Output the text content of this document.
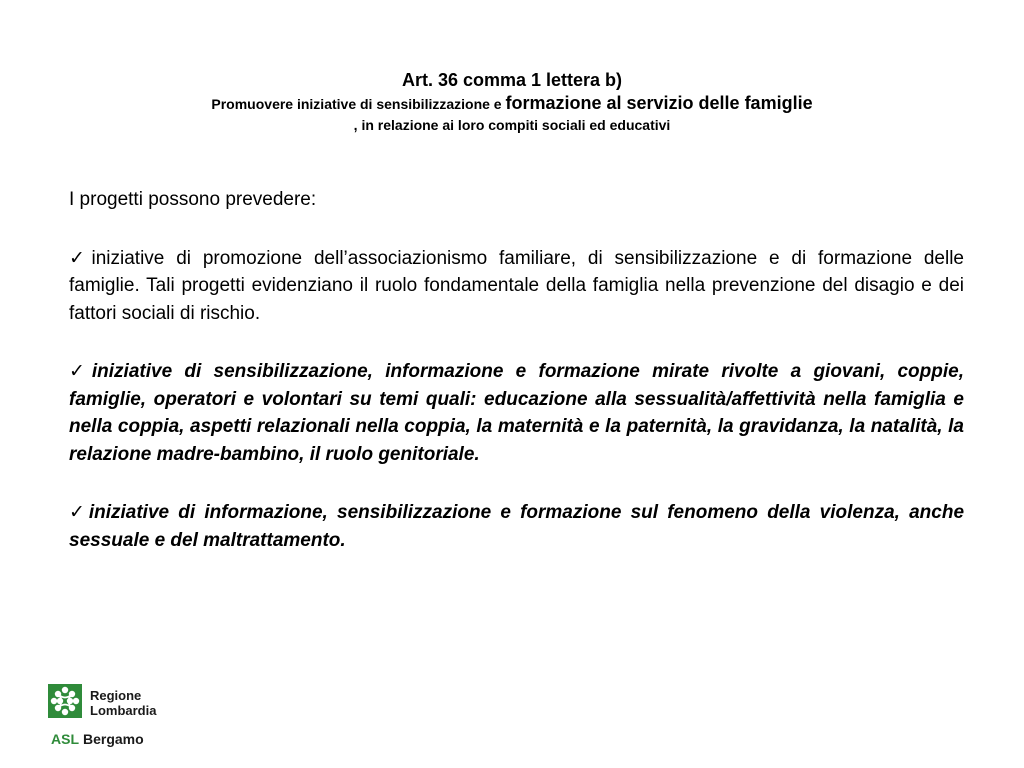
Art. 36 comma 1 lettera b)
Promuovere iniziative di sensibilizzazione e formazione al servizio delle famiglie
, in relazione ai loro compiti sociali ed educativi

I progetti possono prevedere:

✓iniziative di promozione dell’associazionismo familiare, di sensibilizzazione e di formazione delle famiglie. Tali progetti evidenziano il ruolo fondamentale della famiglia nella prevenzione del disagio e dei fattori sociali di rischio.

✓iniziative di sensibilizzazione, informazione e formazione mirate rivolte a giovani, coppie, famiglie, operatori e volontari su temi quali: educazione alla sessualità/affettività nella famiglia e nella coppia, aspetti relazionali nella coppia, la maternità e la paternità, la gravidanza, la natalità, la relazione madre-bambino, il ruolo genitoriale.

✓iniziative di informazione, sensibilizzazione e formazione sul fenomeno della violenza, anche sessuale e del maltrattamento.

Regione
Lombardia
ASL Bergamo
